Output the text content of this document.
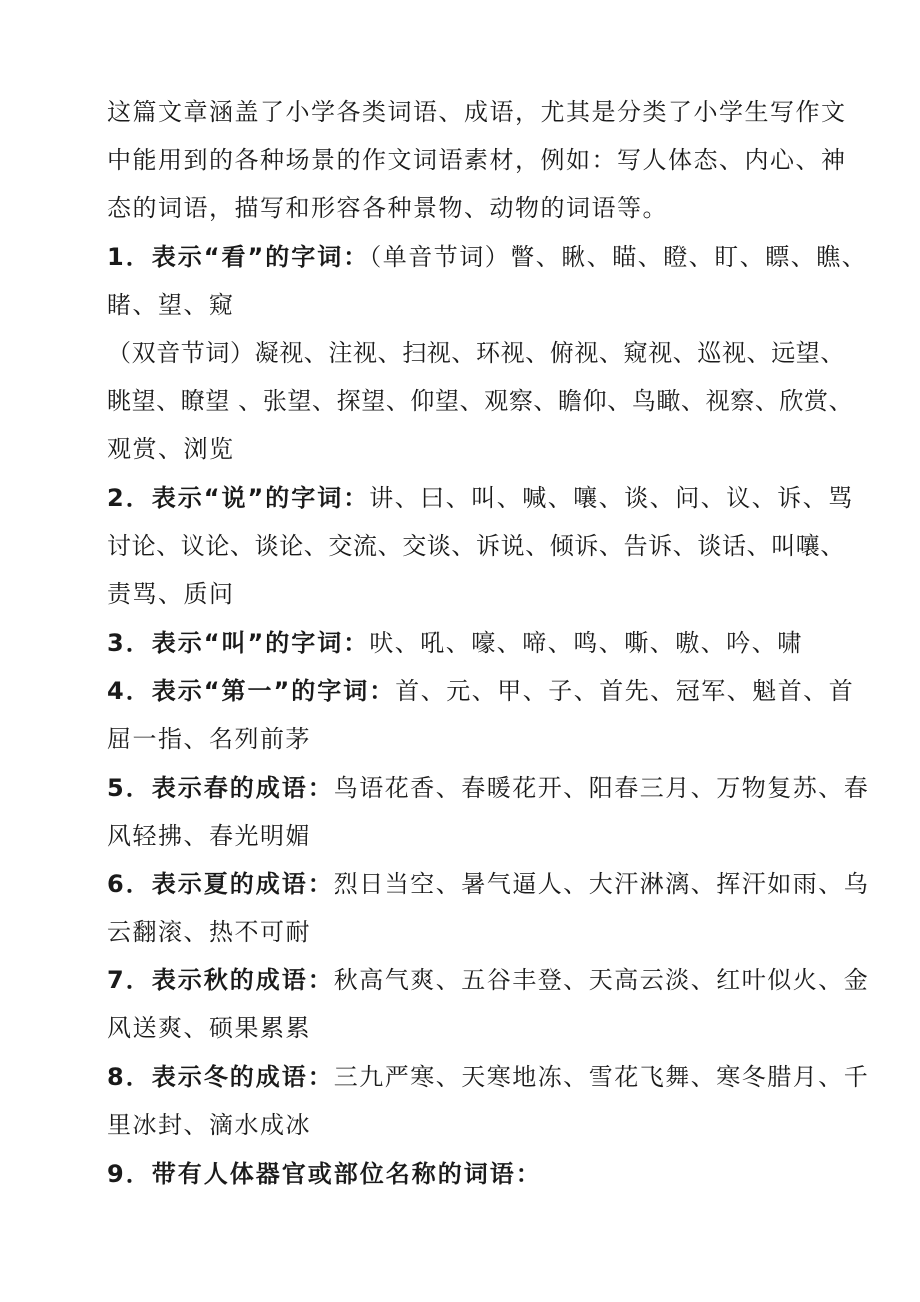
这篇文章涵盖了小学各类词语、成语，尤其是分类了小学生写作文
中能用到的各种场景的作文词语素材，例如：写人体态、内心、神
态的词语，描写和形容各种景物、动物的词语等。
1．表示“看”的字词：（单音节词）瞥、瞅、瞄、瞪、盯、瞟、瞧、
睹、望、窥
（双音节词）凝视、注视、扫视、环视、俯视、窥视、巡视、远望、
眺望、瞭望 、张望、探望、仰望、观察、瞻仰、鸟瞰、视察、欣赏、
观赏、浏览
2．表示“说”的字词：讲、曰、叫、喊、嚷、谈、问、议、诉、骂
讨论、议论、谈论、交流、交谈、诉说、倾诉、告诉、谈话、叫嚷、
责骂、质问
3．表示“叫”的字词：吠、吼、嚎、啼、鸣、嘶、嗷、吟、啸
4．表示“第一”的字词：首、元、甲、子、首先、冠军、魁首、首
屈一指、名列前茅
5．表示春的成语：鸟语花香、春暖花开、阳春三月、万物复苏、春
风轻拂、春光明媚
6．表示夏的成语：烈日当空、暑气逼人、大汗淋漓、挥汗如雨、乌
云翻滚、热不可耐
7．表示秋的成语：秋高气爽、五谷丰登、天高云淡、红叶似火、金
风送爽、硕果累累
8．表示冬的成语：三九严寒、天寒地冻、雪花飞舞、寒冬腊月、千
里冰封、滴水成冰
9．带有人体器官或部位名称的词语：
